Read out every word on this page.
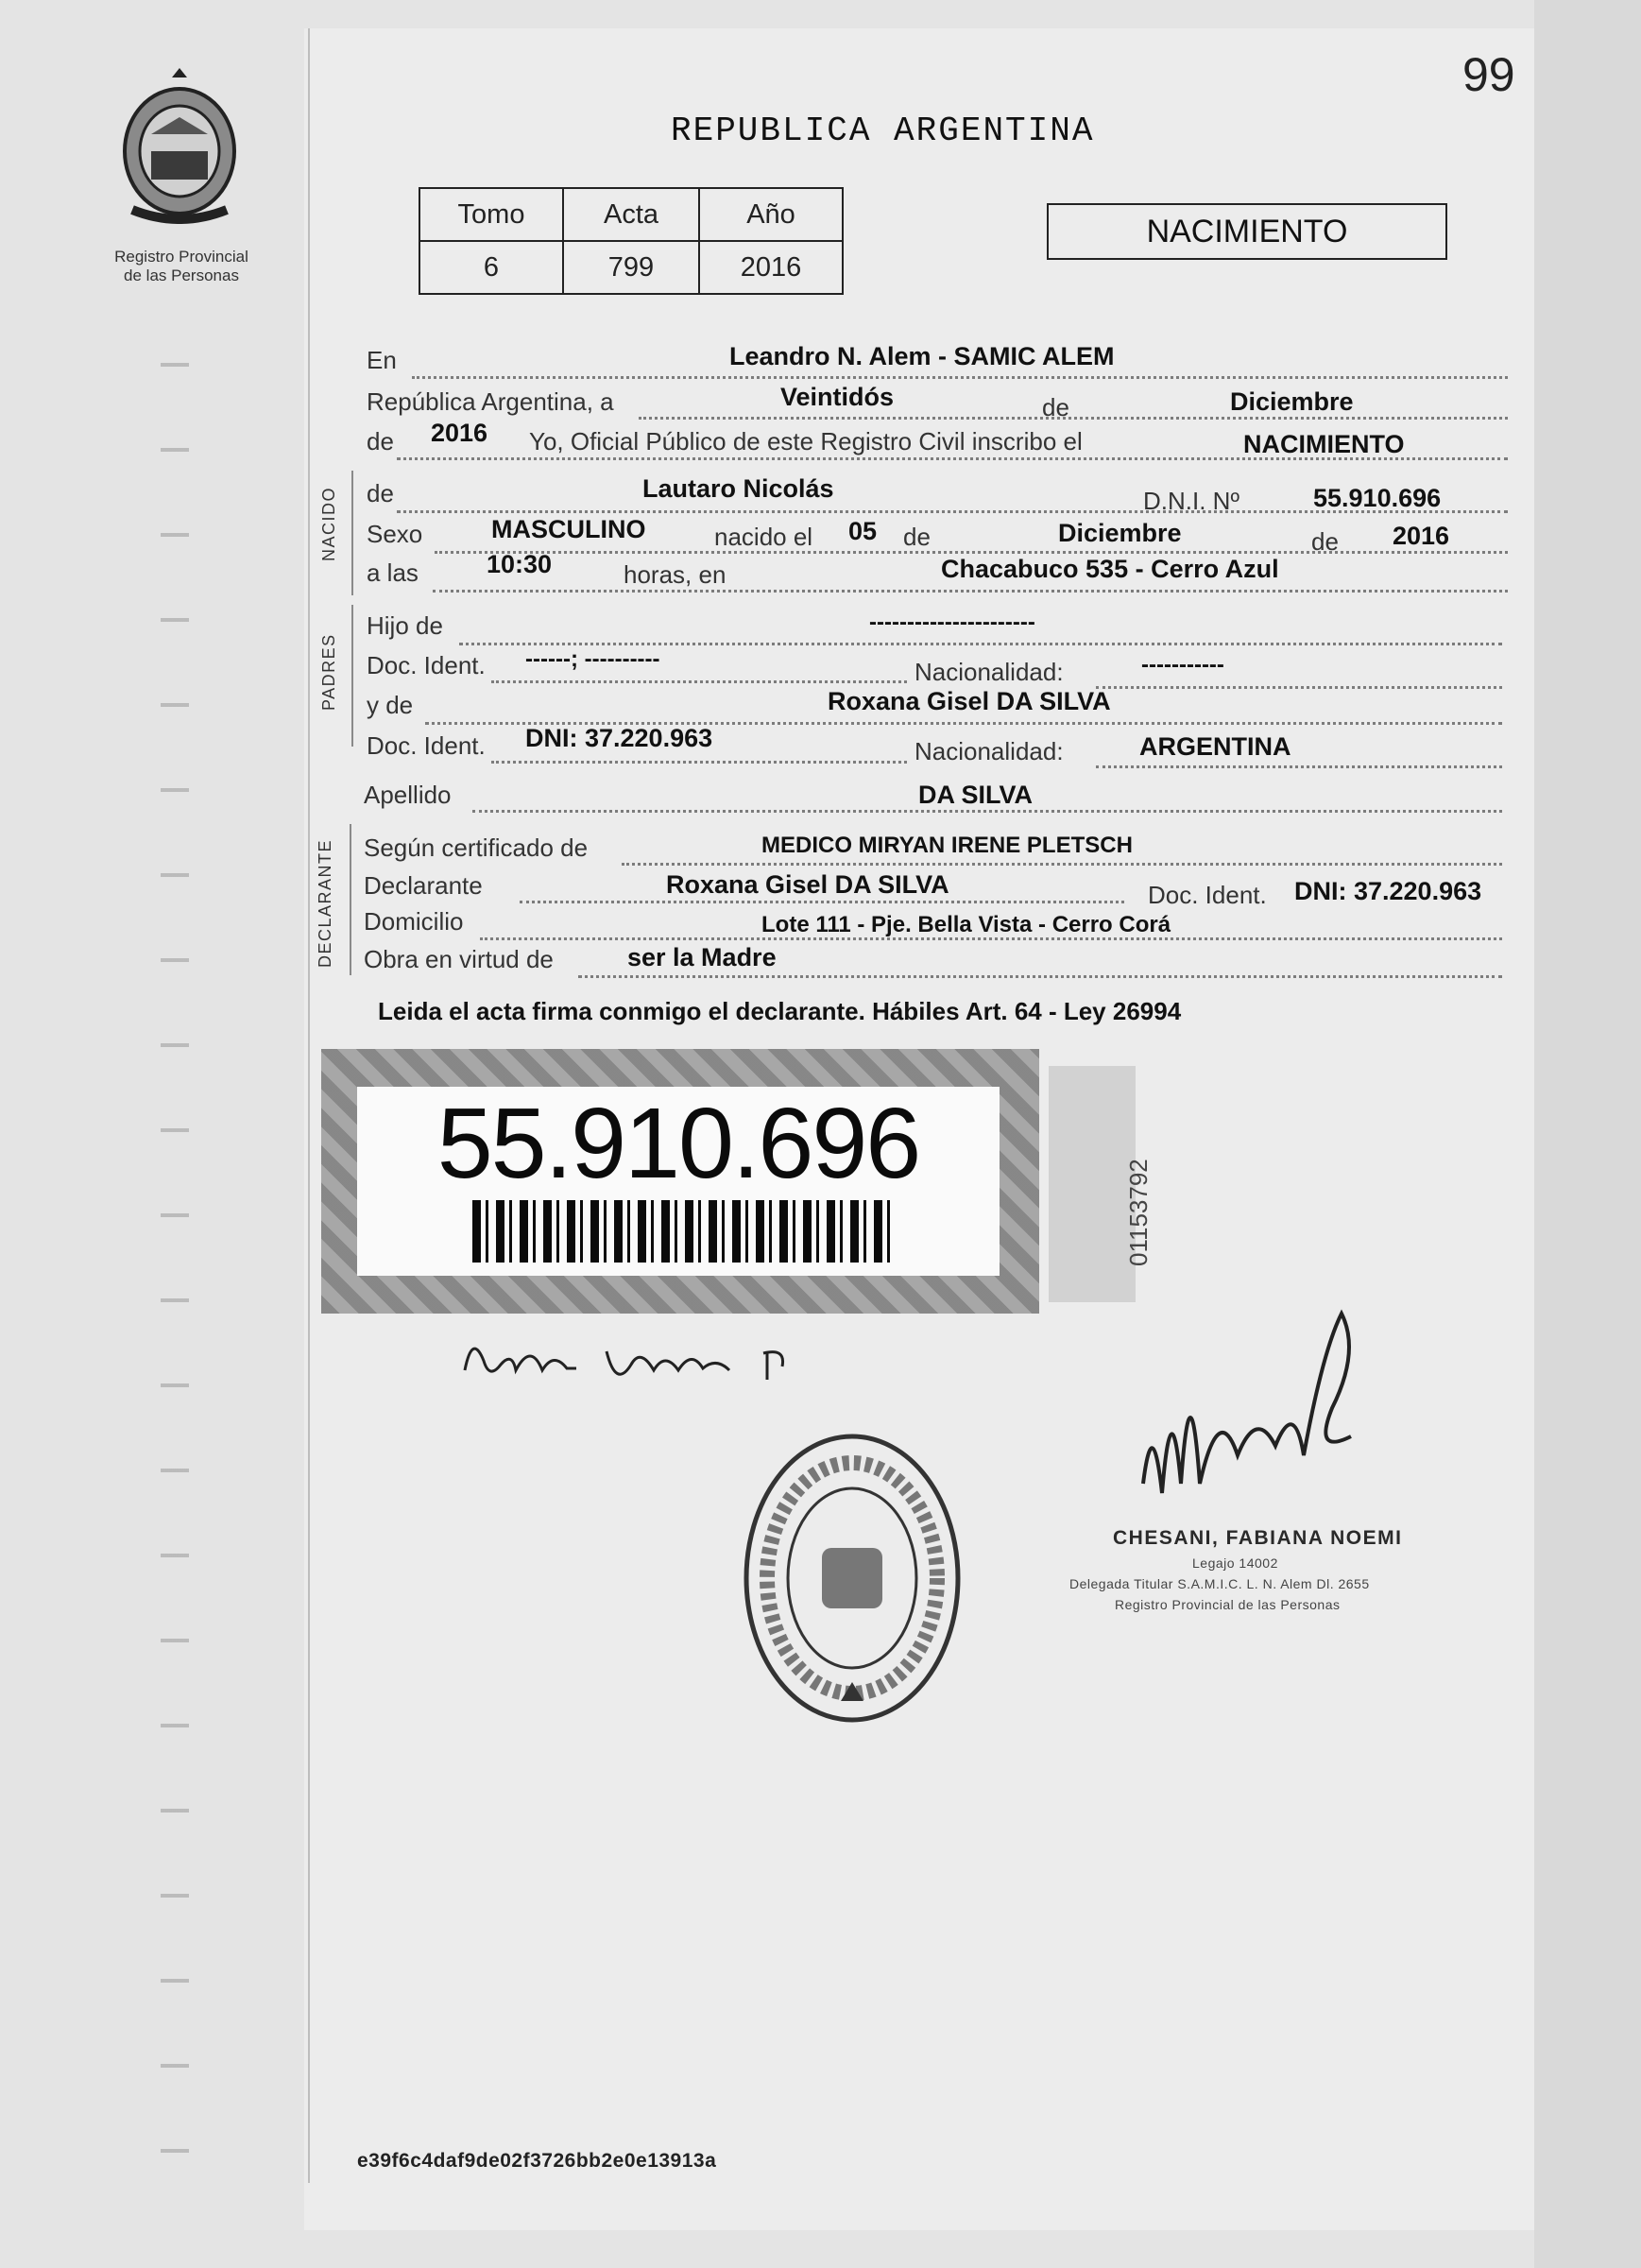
Registro Provincial
de las Personas
99
REPUBLICA ARGENTINA
Tomo	Acta	Año
6	799	2016
NACIMIENTO
En	Leandro N. Alem - SAMIC ALEM
República Argentina, a	Veintidós	de	Diciembre
de 2016 Yo, Oficial Público de este Registro Civil inscribo el	NACIMIENTO
NACIDO de	Lautaro Nicolás	D.N.I. Nº	55.910.696
Sexo	MASCULINO	nacido el 05 de	Diciembre	de 2016
a las	10:30	horas, en	Chacabuco 535 - Cerro Azul
PADRES
Hijo de	----------------------
Doc. Ident. ------; ----------	Nacionalidad:	-----------
y de	Roxana Gisel DA SILVA
Doc. Ident. DNI: 37.220.963	Nacionalidad:	ARGENTINA
Apellido	DA SILVA
DECLARANTE Según certificado de	MEDICO MIRYAN IRENE PLETSCH
Declarante	Roxana Gisel DA SILVA	Doc. Ident. DNI: 37.220.963
Domicilio	Lote 111 - Pje. Bella Vista - Cerro Corá
Obra en virtud de	ser la Madre
Leida el acta firma conmigo el declarante. Hábiles Art. 64 - Ley 26994
55.910.696
01153792
CHESANI, FABIANA NOEMI
Legajo 14002
Delegada Titular S.A.M.I.C. L. N. Alem Dl. 2655
Registro Provincial de las Personas
e39f6c4daf9de02f3726bb2e0e13913a
